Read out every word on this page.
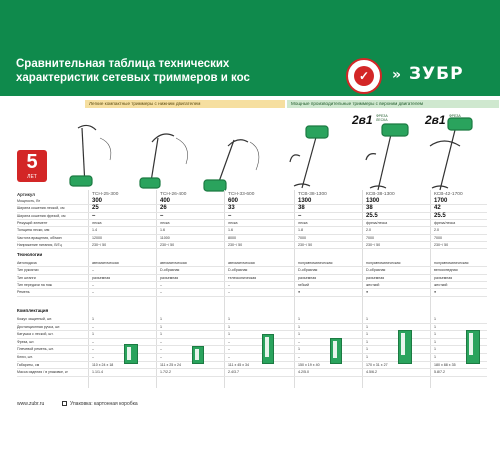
Сравнительная таблица технических характеристик сетевых триммеров и кос	✓	» ЗУБР
Легкие компактные триммеры с нижним двигателем	Мощные производительные триммеры с верхним двигателем
5
ЛЕТ
2в1 ФРЕЗА
ЛЕСКА	2в1 ФРЕЗА

Артикул	ТСН-25-300	ТСН-26-400	ТСН-33-600	ТСВ-38-1300	КСВ-38-1300	КСВ-42-1700
Мощность, Вт	300	400	600	1300	1300	1700
Ширина кошения леской, см	25	26	33	38	38	42
Ширина кошения фрезой, см	–	–	–	–	25.5	25.5
Режущий элемент	леска	леска	леска	леска	фреза/леска	фреза/леска
Толщина лески, мм	1.4	1.6	1.6	1.8	2.0	2.0
Частота вращения, об/мин	12000	11000	8000	7000	7000	7000
Напряжение питания, В/Гц	230~/ 50	230~/ 50	230~/ 50	230~/ 50	230~/ 50	230~/ 50
Технологии
Автоподача	автоматическая	автоматическая	автоматическая	полуавтоматическая	полуавтоматическая	полуавтоматическая
Тип рукоятки	–	D-образная	D-образная	D-образная	D-образная	велосипедная
Тип штанги	разъемная	разъемная	телескопическая	разъемная	разъемная	разъемная
Тип передачи на нож	–	–	–	гибкий	жесткий	жесткий
Ремень	–	–	–	●	●	●
Комплектация
Кожух защитный, шт.	1	1	1	1	1	1
Дистанционная ручка, шт.	–	1	1	1	1	1
Катушка с леской, шт.	1	1	1	1	1	1
Фреза, шт.	–	–	–	–	1	1
Плечевой ремень, шт.	–	–	–	1	1	1
Ключ, шт.	–	–	–	–	1	1
Габариты, см	110 х 24 х 18	111 х 25 х 24	111 х 45 х 34	150 х 19 х 40	170 х 31 х 27	180 х 88 х 35
Масса изделия / в упаковке, кг	1.1/1.4	1.7/2.2	2.4/3.7	4.2/5.0	4.5/6.2	5.8/7.2
www.zubr.ru	Упаковка: картонная коробка
